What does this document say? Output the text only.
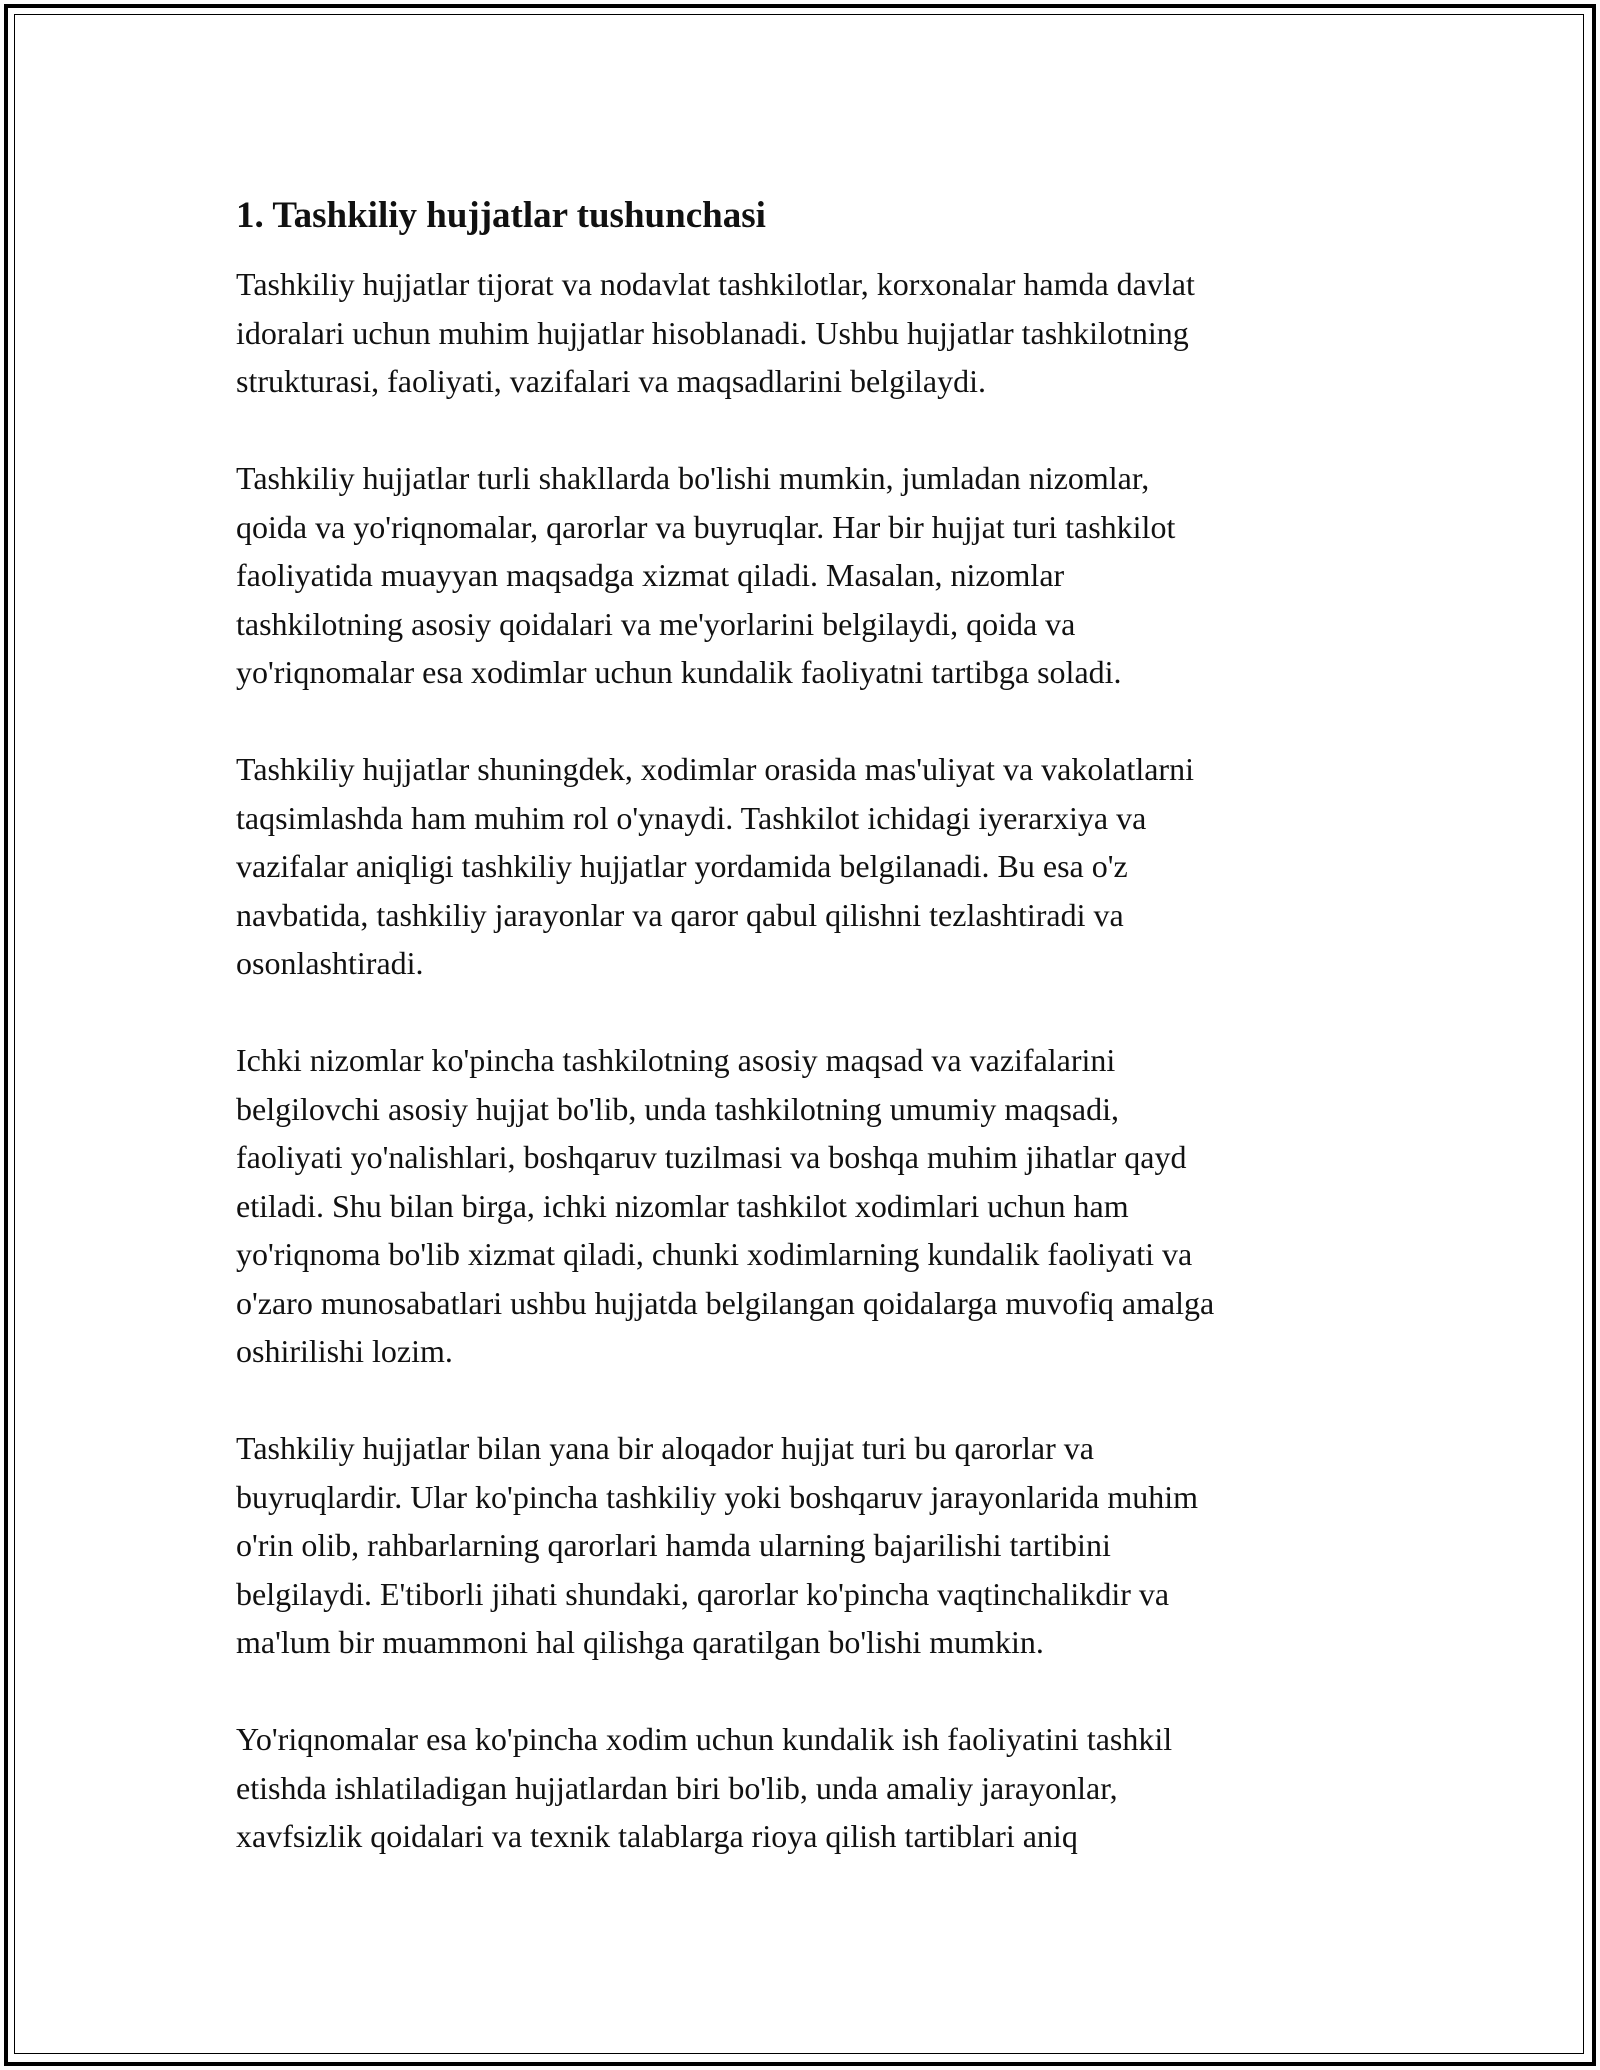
1. Tashkiliy hujjatlar tushunchasi

Tashkiliy hujjatlar tijorat va nodavlat tashkilotlar, korxonalar hamda davlat
idoralari uchun muhim hujjatlar hisoblanadi. Ushbu hujjatlar tashkilotning
strukturasi, faoliyati, vazifalari va maqsadlarini belgilaydi.

Tashkiliy hujjatlar turli shakllarda bo'lishi mumkin, jumladan nizomlar,
qoida va yo'riqnomalar, qarorlar va buyruqlar. Har bir hujjat turi tashkilot
faoliyatida muayyan maqsadga xizmat qiladi. Masalan, nizomlar
tashkilotning asosiy qoidalari va me'yorlarini belgilaydi, qoida va
yo'riqnomalar esa xodimlar uchun kundalik faoliyatni tartibga soladi.

Tashkiliy hujjatlar shuningdek, xodimlar orasida mas'uliyat va vakolatlarni
taqsimlashda ham muhim rol o'ynaydi. Tashkilot ichidagi iyerarxiya va
vazifalar aniqligi tashkiliy hujjatlar yordamida belgilanadi. Bu esa o'z
navbatida, tashkiliy jarayonlar va qaror qabul qilishni tezlashtiradi va
osonlashtiradi.

Ichki nizomlar ko'pincha tashkilotning asosiy maqsad va vazifalarini
belgilovchi asosiy hujjat bo'lib, unda tashkilotning umumiy maqsadi,
faoliyati yo'nalishlari, boshqaruv tuzilmasi va boshqa muhim jihatlar qayd
etiladi. Shu bilan birga, ichki nizomlar tashkilot xodimlari uchun ham
yo'riqnoma bo'lib xizmat qiladi, chunki xodimlarning kundalik faoliyati va
o'zaro munosabatlari ushbu hujjatda belgilangan qoidalarga muvofiq amalga
oshirilishi lozim.

Tashkiliy hujjatlar bilan yana bir aloqador hujjat turi bu qarorlar va
buyruqlardir. Ular ko'pincha tashkiliy yoki boshqaruv jarayonlarida muhim
o'rin olib, rahbarlarning qarorlari hamda ularning bajarilishi tartibini
belgilaydi. E'tiborli jihati shundaki, qarorlar ko'pincha vaqtinchalikdir va
ma'lum bir muammoni hal qilishga qaratilgan bo'lishi mumkin.

Yo'riqnomalar esa ko'pincha xodim uchun kundalik ish faoliyatini tashkil
etishda ishlatiladigan hujjatlardan biri bo'lib, unda amaliy jarayonlar,
xavfsizlik qoidalari va texnik talablarga rioya qilish tartiblari aniq
